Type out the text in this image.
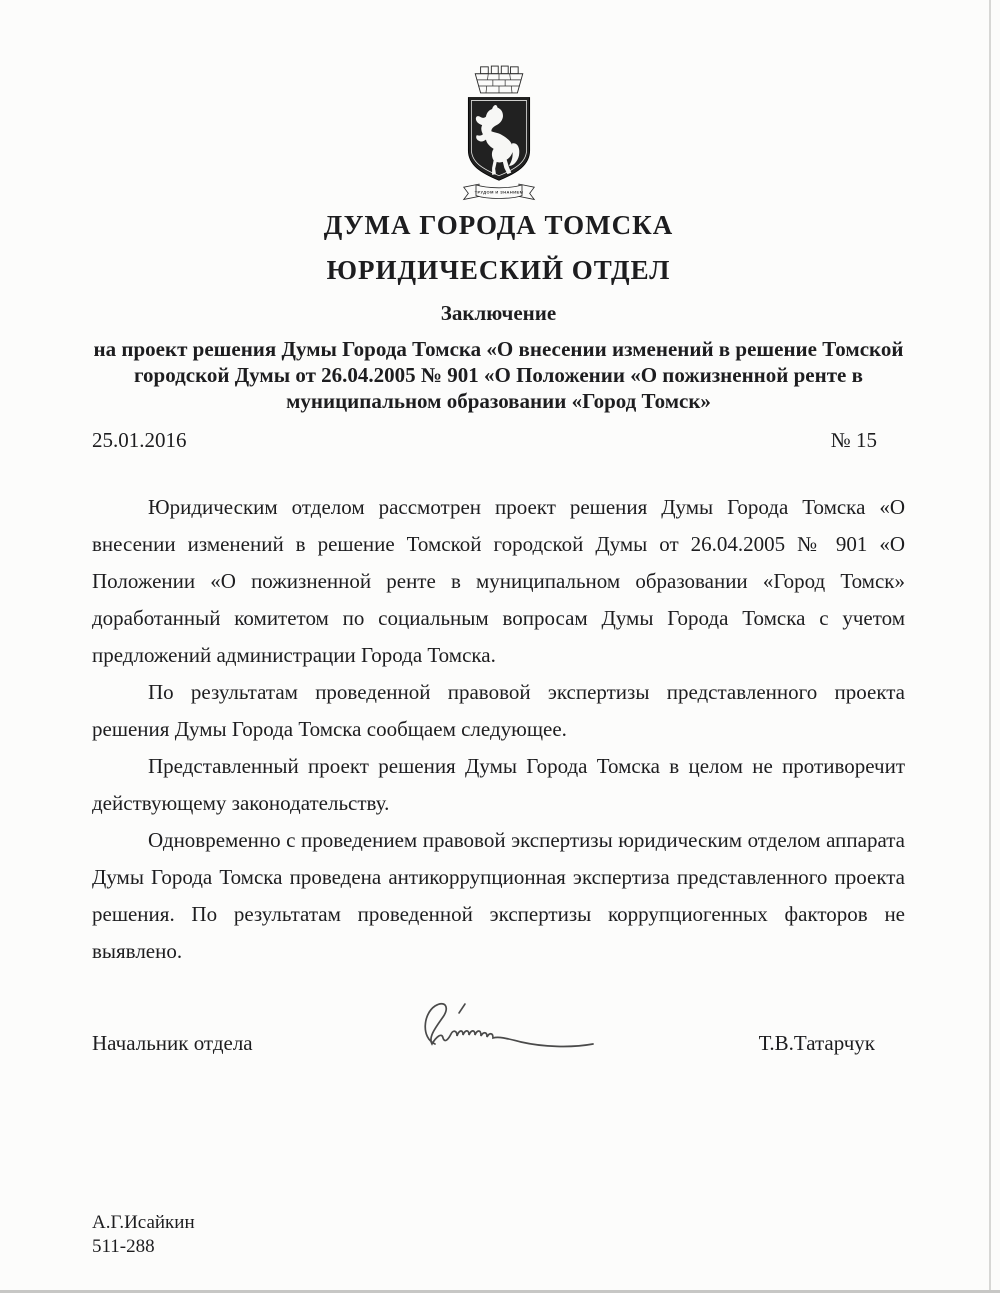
ТРУДОМ И ЗНАНИЕМ
ДУМА ГОРОДА ТОМСКА
ЮРИДИЧЕСКИЙ ОТДЕЛ
Заключение
на проект решения Думы Города Томска «О внесении изменений в решение Томской городской Думы от 26.04.2005 № 901 «О Положении «О пожизненной ренте в муниципальном образовании «Город Томск»
25.01.2016	№ 15

Юридическим отделом рассмотрен проект решения Думы Города Томска «О внесении изменений в решение Томской городской Думы от 26.04.2005 № 901 «О Положении «О пожизненной ренте в муниципальном образовании «Город Томск» доработанный комитетом по социальным вопросам Думы Города Томска с учетом предложений администрации Города Томска.

По результатам проведенной правовой экспертизы представленного проекта решения Думы Города Томска сообщаем следующее.

Представленный проект решения Думы Города Томска в целом не противоречит действующему законодательству.

Одновременно с проведением правовой экспертизы юридическим отделом аппарата Думы Города Томска проведена антикоррупционная экспертиза представленного проекта решения. По результатам проведенной экспертизы коррупциогенных факторов не выявлено.

Начальник отдела	Т.В.Татарчук
А.Г.Исайкин
511-288
